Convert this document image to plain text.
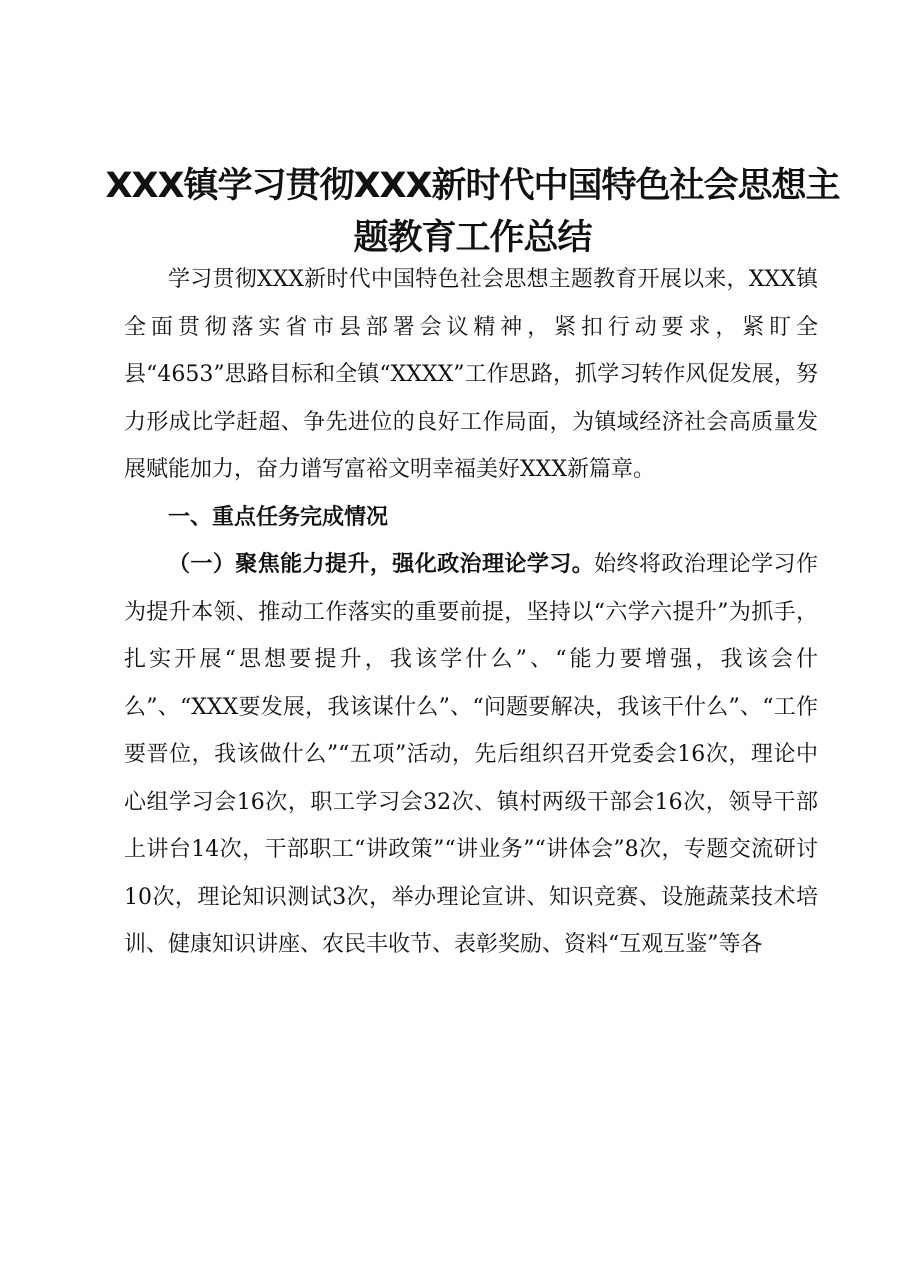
XXX镇学习贯彻XXX新时代中国特色社会思想主题教育工作总结

学习贯彻XXX新时代中国特色社会思想主题教育开展以来，XXX镇全面贯彻落实省市县部署会议精神，紧扣行动要求，紧盯全县“4653”思路目标和全镇“XXXX”工作思路，抓学习转作风促发展，努力形成比学赶超、争先进位的良好工作局面，为镇域经济社会高质量发展赋能加力，奋力谱写富裕文明幸福美好XXX新篇章。

一、重点任务完成情况

（一）聚焦能力提升，强化政治理论学习。始终将政治理论学习作为提升本领、推动工作落实的重要前提，坚持以“六学六提升”为抓手，扎实开展“思想要提升，我该学什么”、“能力要增强，我该会什么”、“XXX要发展，我该谋什么”、“问题要解决，我该干什么”、“工作要晋位，我该做什么”“五项”活动，先后组织召开党委会16次，理论中心组学习会16次，职工学习会32次、镇村两级干部会16次，领导干部上讲台14次，干部职工“讲政策”“讲业务”“讲体会”8次，专题交流研讨10次，理论知识测试3次，举办理论宣讲、知识竞赛、设施蔬菜技术培训、健康知识讲座、农民丰收节、表彰奖励、资料“互观互鉴”等各
